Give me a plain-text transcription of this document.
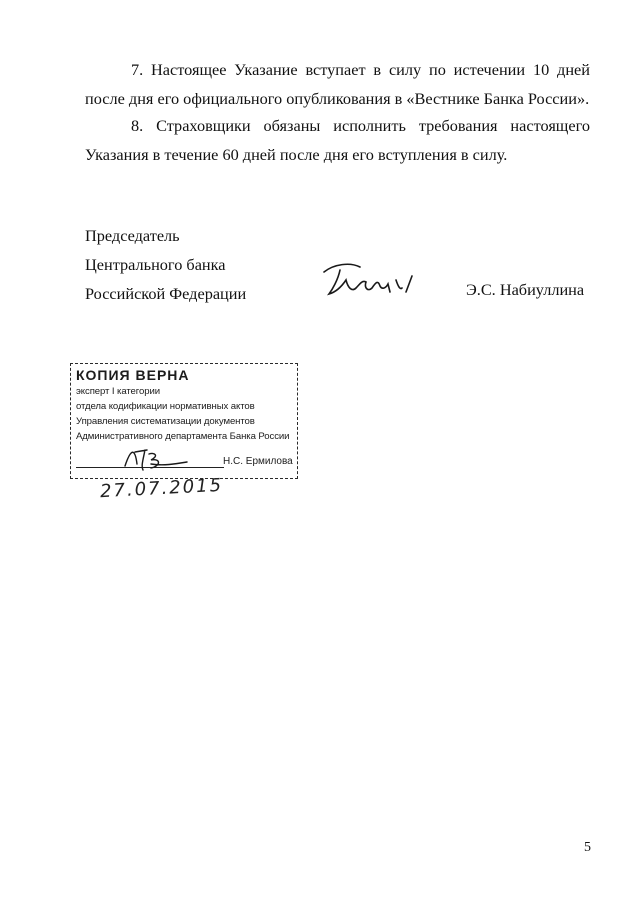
7. Настоящее Указание вступает в силу по истечении 10 дней после дня его официального опубликования в «Вестнике Банка России».

8. Страховщики обязаны исполнить требования настоящего Указания в течение 60 дней после дня его вступления в силу.

Председатель
Центрального банка
Российской Федерации	Э.С. Набиуллина
КОПИЯ ВЕРНА
эксперт I категории
отдела кодификации нормативных актов
Управления систематизации документов
Административного департамента Банка России
Н.С. Ермилова
27.07.2015
5
